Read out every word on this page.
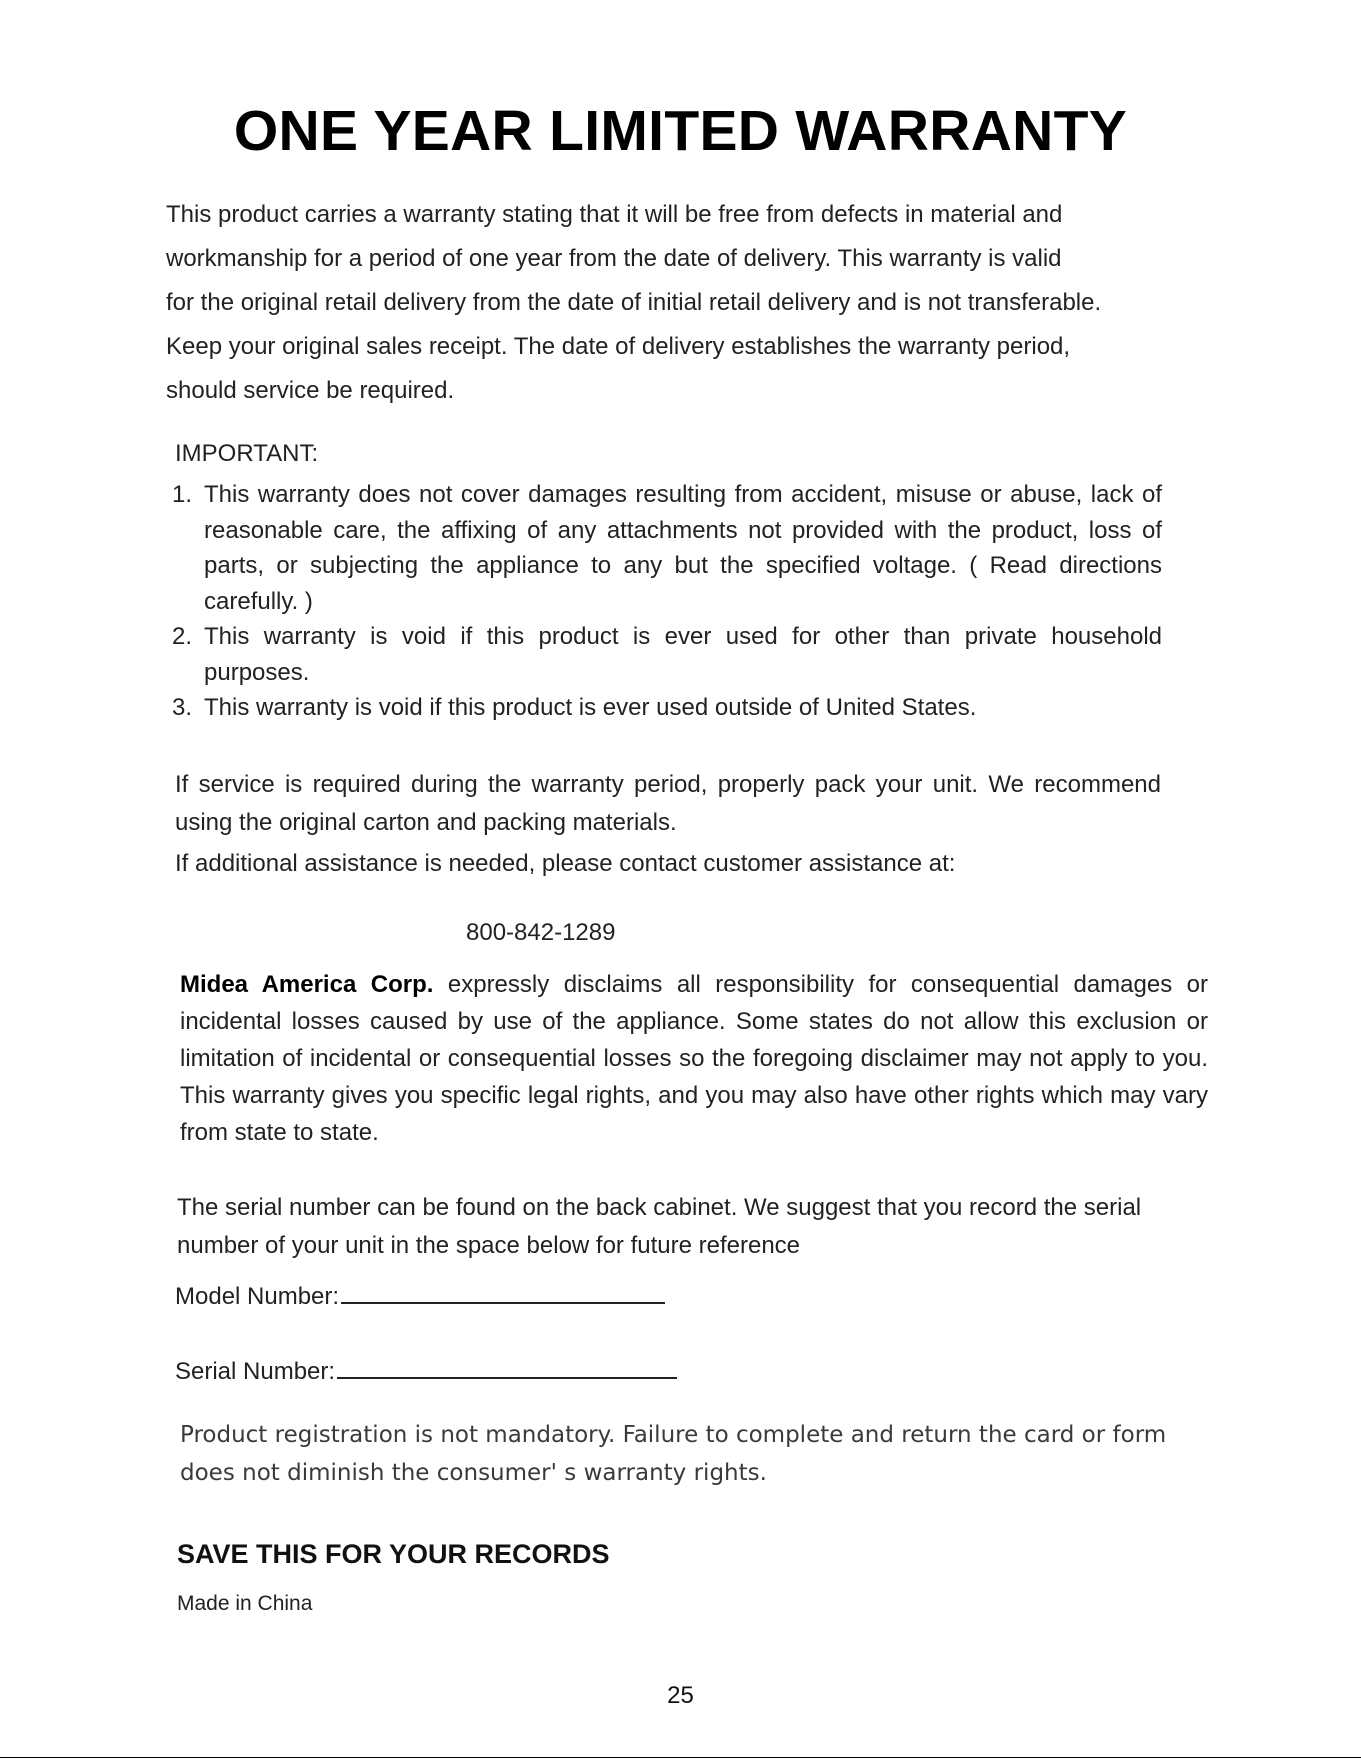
ONE YEAR LIMITED WARRANTY
This product carries a warranty stating that it will be free from defects in material and
workmanship for a period of one year from the date of delivery. This warranty is valid
for the original retail delivery from the date of initial retail delivery and is not transferable.
Keep your original sales receipt. The date of delivery establishes the warranty period,
should service be required.
IMPORTANT:
1. This warranty does not cover damages resulting from accident, misuse or abuse, lack of reasonable care, the affixing of any attachments not provided with the product, loss of parts, or subjecting the appliance to any but the specified voltage. ( Read directions carefully. )
2. This warranty is void if this product is ever used for other than private household purposes.
3. This warranty is void if this product is ever used outside of United States.

If service is required during the warranty period, properly pack your unit. We recommend using the original carton and packing materials.

If additional assistance is needed, please contact customer assistance at:
800-842-1289

Midea America Corp. expressly disclaims all responsibility for consequential damages or incidental losses caused by use of the appliance. Some states do not allow this exclusion or limitation of incidental or consequential losses so the foregoing disclaimer may not apply to you. This warranty gives you specific legal rights, and you may also have other rights which may vary from state to state.

The serial number can be found on the back cabinet. We suggest that you record the serial number of your unit in the space below for future reference

Model Number:
Serial Number:

Product registration is not mandatory. Failure to complete and return the card or form does not diminish the consumer' s warranty rights.

SAVE THIS FOR YOUR RECORDS
Made in China
25
